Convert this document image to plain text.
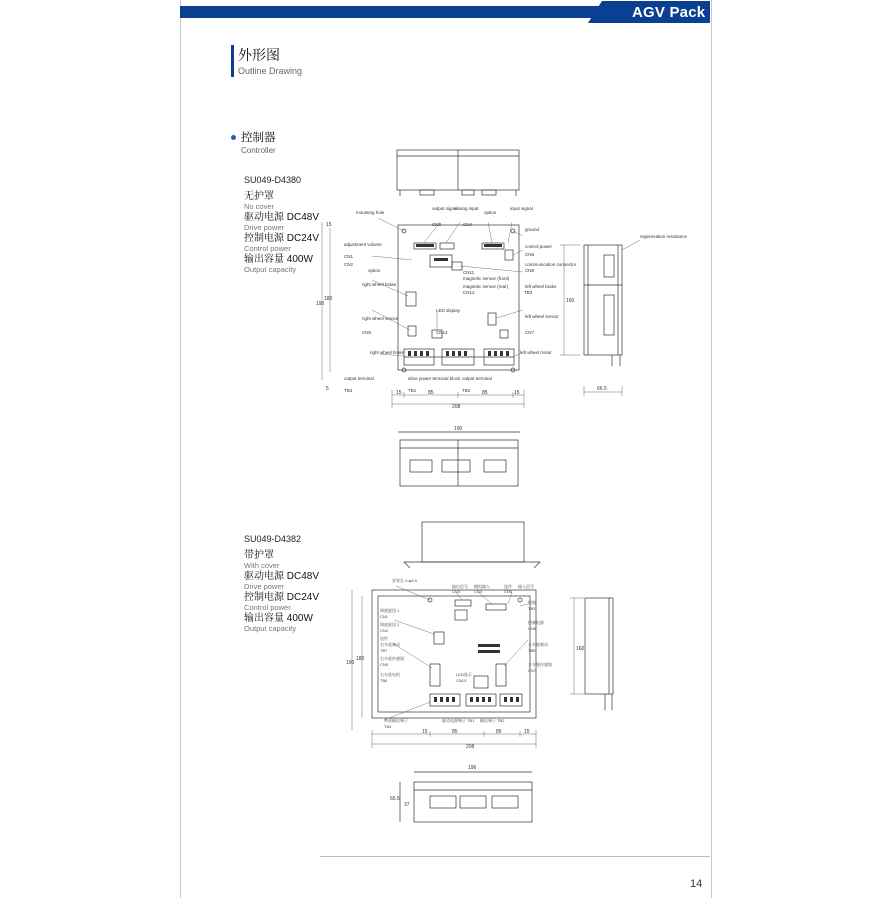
AGV Pack
外形图
Outline Drawing
控制器
Controller
SU049-D4380
无护罩
No cover
驱动电源 DC48V
Drive power
控制电源 DC24V
Control power
输出容量 400W
Output capacity
SU049-D4382
带护罩
With cover
驱动电源 DC48V
Drive power
控制电源 DC24V
Control power
输出容量 400W
Output capacity
mounting hole
output signal
analog input
option
input signal
ground
control power
communication connector
magnetic sensor (front)
magnetic sensor (rear)	left wheel brake
adjustment volume
option
right wheel brake
right wheel sensor
LED display
left wheel sensor
right wheel brake	left wheel motor
output terminal	drive power terminal block output terminal
TB4	TB1	TB2
TB3
CN4
CN3
CN6
CN8
CN1
CN2
CN5	CN7
CN12
CN11
CN13
regeneration resistance
190
180
15
5
15	85	85	15
208
160
66.5
190
安装孔 4-φ5.5
输出信号
CN3
模拟输入
CN4
选件
CN5
输入信号
接地
TB3
控制电源
CN6
左车轮制动
TB5
调速旋钮 1
CN1
调速旋钮 2
CN2
选件
右车轮制动
TB7
右车轮传感器
CN5
右车轮电机
TB6
LED显示
CN13
左车轮传感器
CN7
外部输出端子
TB4
驱动电源端子 TB1 输出端子 TB2
190
180
15	85	85	15
208
160
196
66.5
37
14
